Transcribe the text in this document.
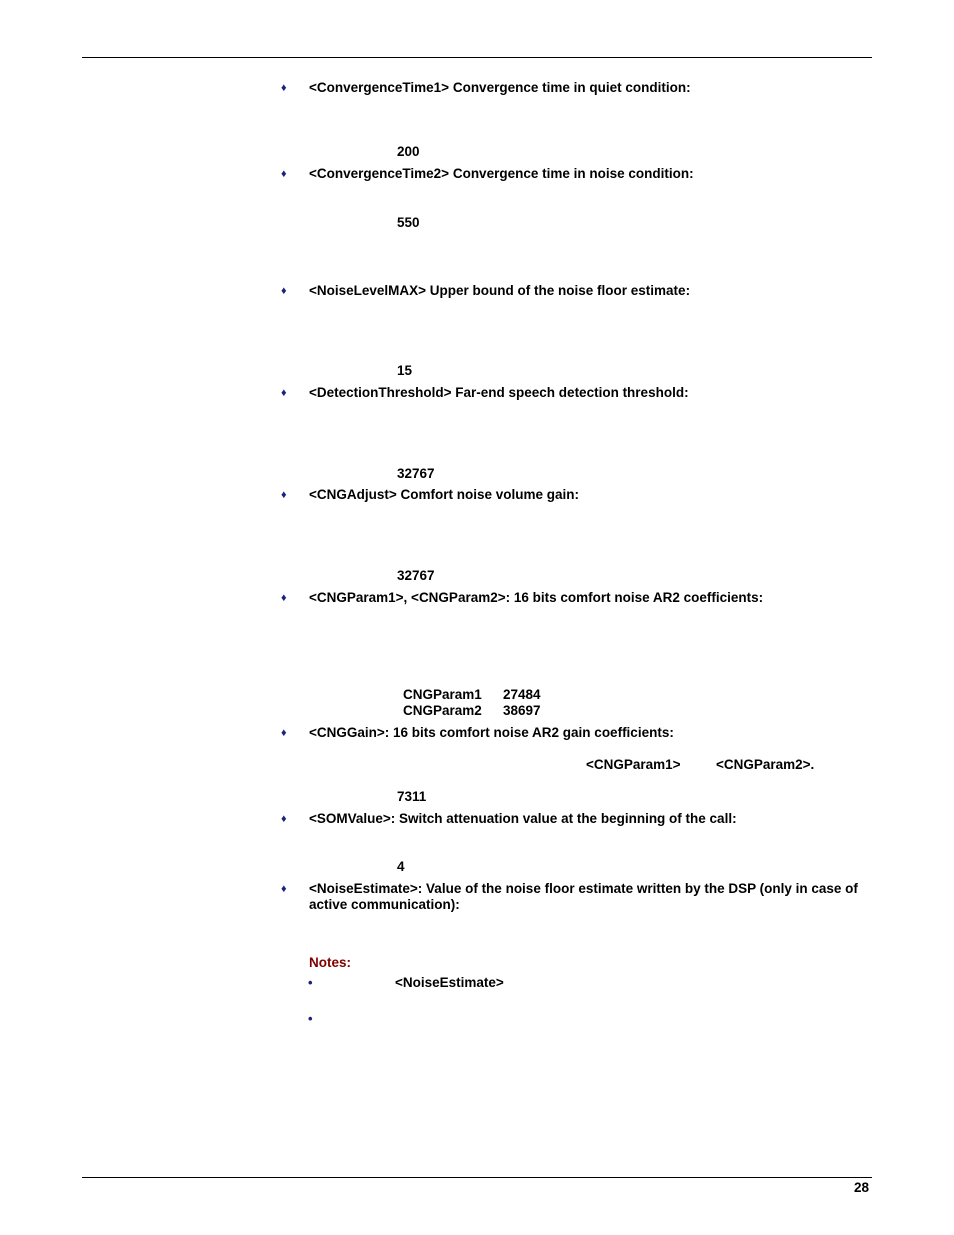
♦	<ConvergenceTime1> Convergence time in quiet condition:
200
♦	<ConvergenceTime2> Convergence time in noise condition:
550
♦	<NoiseLevelMAX> Upper bound of the noise floor estimate:
15
♦	<DetectionThreshold> Far-end speech detection threshold:
32767
♦	<CNGAdjust> Comfort noise volume gain:
32767
♦	<CNGParam1>, <CNGParam2>: 16 bits comfort noise AR2 coefficients:
CNGParam1 27484
CNGParam2 38697
♦	<CNGGain>: 16 bits comfort noise AR2 gain coefficients:
<CNGParam1>	<CNGParam2>.
7311
♦	<SOMValue>: Switch attenuation value at the beginning of the call:
4
♦	<NoiseEstimate>: Value of the noise floor estimate written by the DSP (only in case of active communication):
Notes:
•	<NoiseEstimate>
•
28
